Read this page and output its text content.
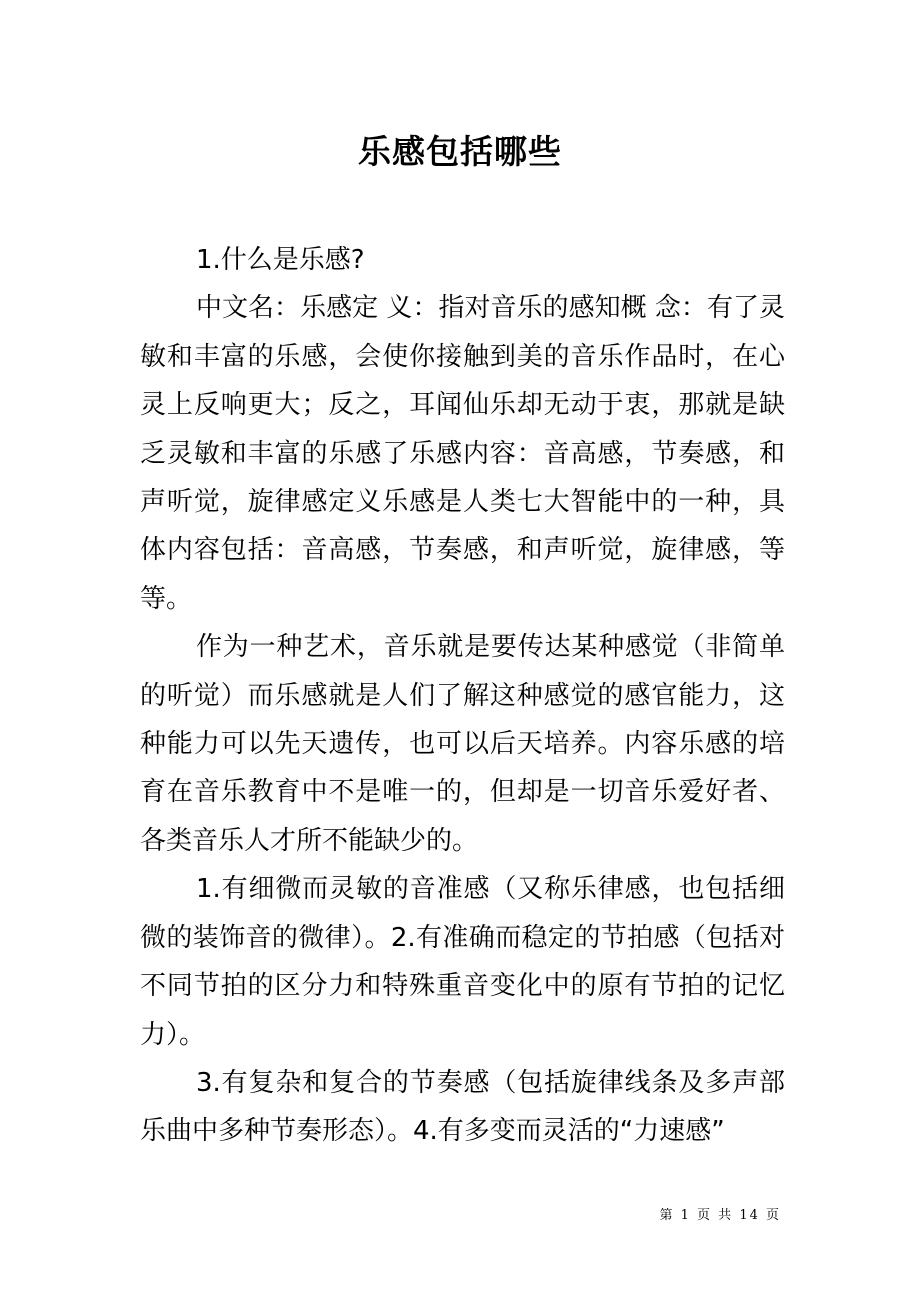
乐感包括哪些

1.什么是乐感?

中文名：乐感定 义：指对音乐的感知概 念：有了灵敏和丰富的乐感，会使你接触到美的音乐作品时，在心灵上反响更大；反之，耳闻仙乐却无动于衷，那就是缺乏灵敏和丰富的乐感了乐感内容：音高感，节奏感，和声听觉，旋律感定义乐感是人类七大智能中的一种，具体内容包括：音高感，节奏感，和声听觉，旋律感，等等。

作为一种艺术，音乐就是要传达某种感觉（非简单的听觉）而乐感就是人们了解这种感觉的感官能力，这种能力可以先天遗传，也可以后天培养。内容乐感的培育在音乐教育中不是唯一的，但却是一切音乐爱好者、各类音乐人才所不能缺少的。

1.有细微而灵敏的音准感（又称乐律感，也包括细微的装饰音的微律）。2.有准确而稳定的节拍感（包括对不同节拍的区分力和特殊重音变化中的原有节拍的记忆力）。

3.有复杂和复合的节奏感（包括旋律线条及多声部乐曲中多种节奏形态）。4.有多变而灵活的“力速感”

第 1 页 共 14 页
